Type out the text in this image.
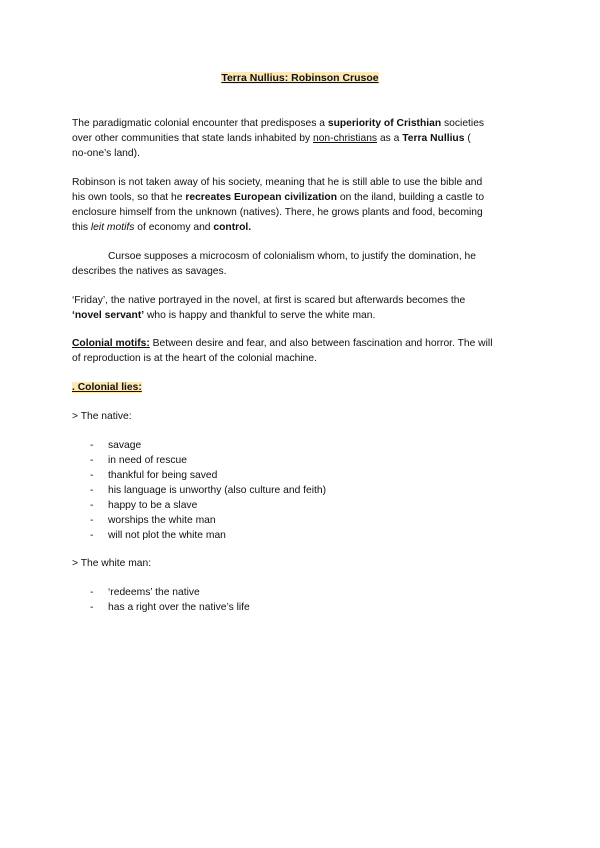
Terra Nullius: Robinson Crusoe
The paradigmatic colonial encounter that predisposes a superiority of Cristhian societies
over other communities that state lands inhabited by non-christians as a Terra Nullius (
no-one’s land).
Robinson is not taken away of his society, meaning that he is still able to use the bible and
his own tools, so that he recreates European civilization on the iland, building a castle to
enclosure himself from the unknown (natives). There, he grows plants and food, becoming
this leit motifs of economy and control.
Cursoe supposes a microcosm of colonialism whom, to justify the domination, he
describes the natives as savages.
‘Friday’, the native portrayed in the novel, at first is scared but afterwards becomes the
‘novel servant’ who is happy and thankful to serve the white man.
Colonial motifs: Between desire and fear, and also between fascination and horror. The will
of reproduction is at the heart of the colonial machine.
. Colonial lies:
> The native:
- savage
- in need of rescue
- thankful for being saved
- his language is unworthy (also culture and feith)
- happy to be a slave
- worships the white man
- will not plot the white man
> The white man:
- ‘redeems’ the native
- has a right over the native’s life
